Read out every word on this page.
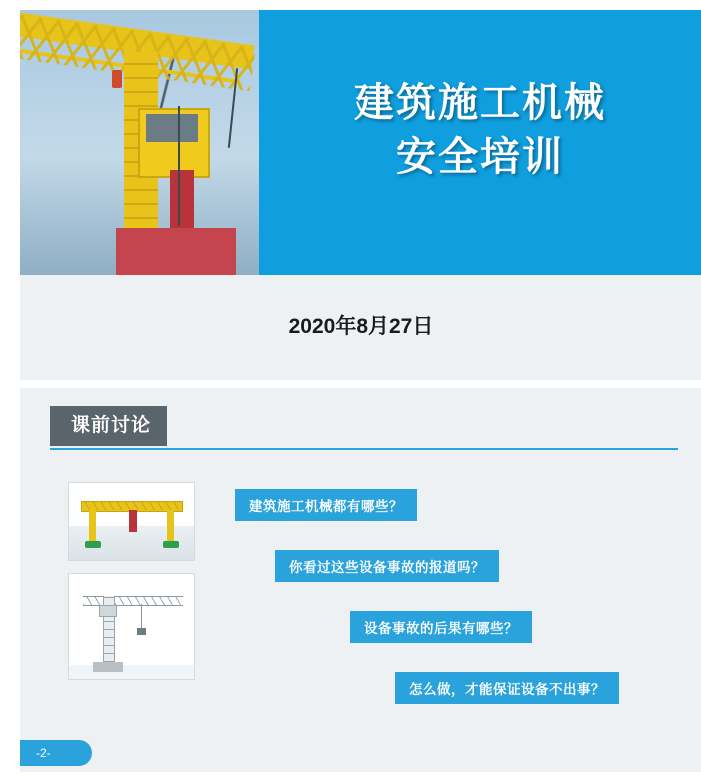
建筑施工机械
安全培训
2020年8月27日
课前讨论
建筑施工机械都有哪些？
你看过这些设备事故的报道吗？
设备事故的后果有哪些？
怎么做，才能保证设备不出事？
-2-
